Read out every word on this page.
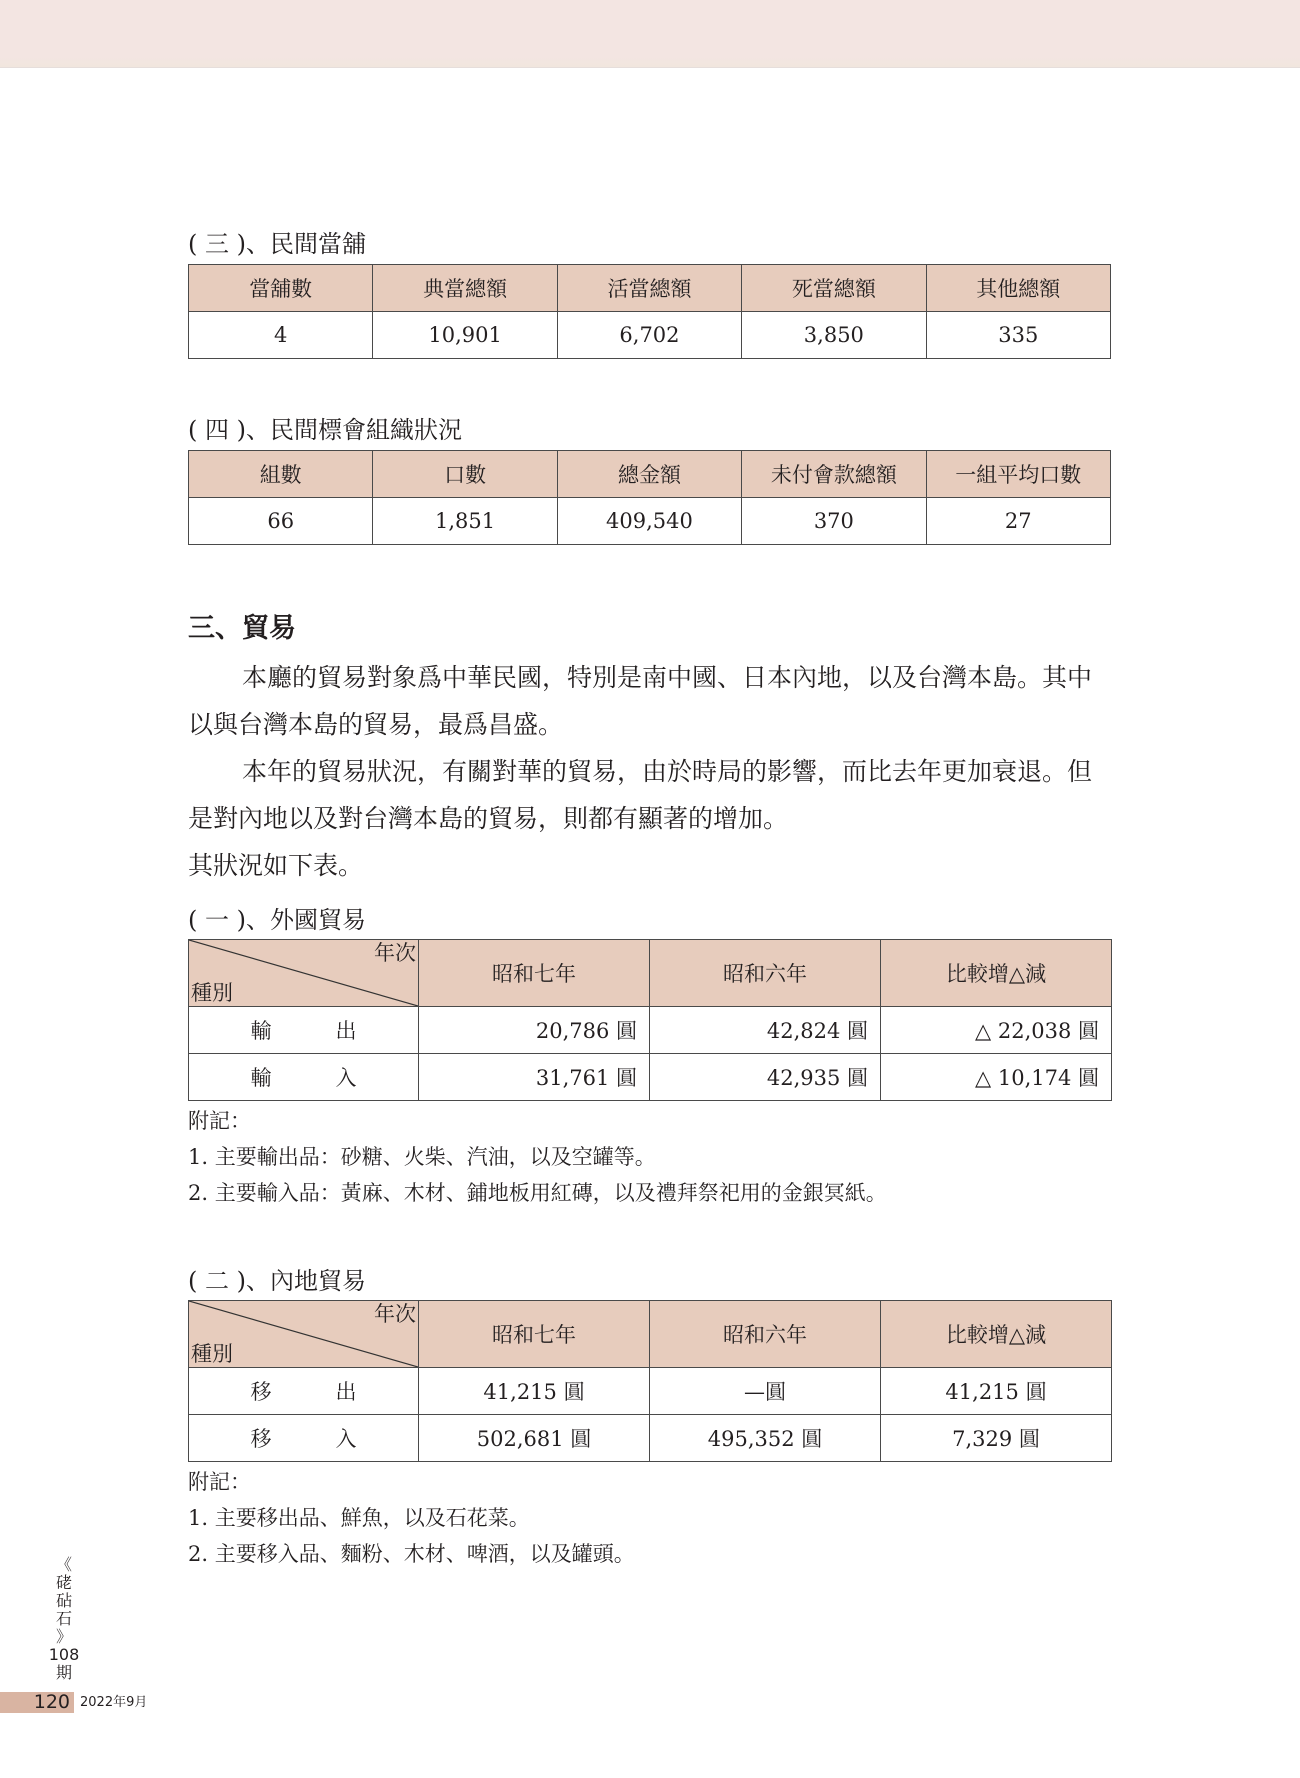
( 三 )、民間當舖

當舖數	典當總額	活當總額	死當總額	其他總額
4	10,901	6,702	3,850	335

( 四 )、民間標會組織狀況

組數	口數	總金額	未付會款總額	一組平均口數
66	1,851	409,540	370	27
三、貿易

本廳的貿易對象爲中華民國，特別是南中國、日本內地，以及台灣本島。其中以與台灣本島的貿易，最爲昌盛。

本年的貿易狀況，有關對華的貿易，由於時局的影響，而比去年更加衰退。但是對內地以及對台灣本島的貿易，則都有顯著的增加。

其狀況如下表。

( 一 )、外國貿易

年次
種別	昭和七年	昭和六年	比較增△減
輸 出	20,786 圓	42,824 圓	△ 22,038 圓
輸 入	31,761 圓	42,935 圓	△ 10,174 圓

附記：

1. 主要輸出品：砂糖、火柴、汽油，以及空罐等。

2. 主要輸入品：黃麻、木材、鋪地板用紅磚，以及禮拜祭祀用的金銀冥紙。

( 二 )、內地貿易

年次
種別	昭和七年	昭和六年	比較增△減
移 出	41,215 圓	—圓	41,215 圓
移 入	502,681 圓	495,352 圓	7,329 圓

附記：

1. 主要移出品、鮮魚，以及石花菜。

2. 主要移入品、麵粉、木材、啤酒，以及罐頭。

《
硓
砧
石
》
108
期
120 2022年9月
